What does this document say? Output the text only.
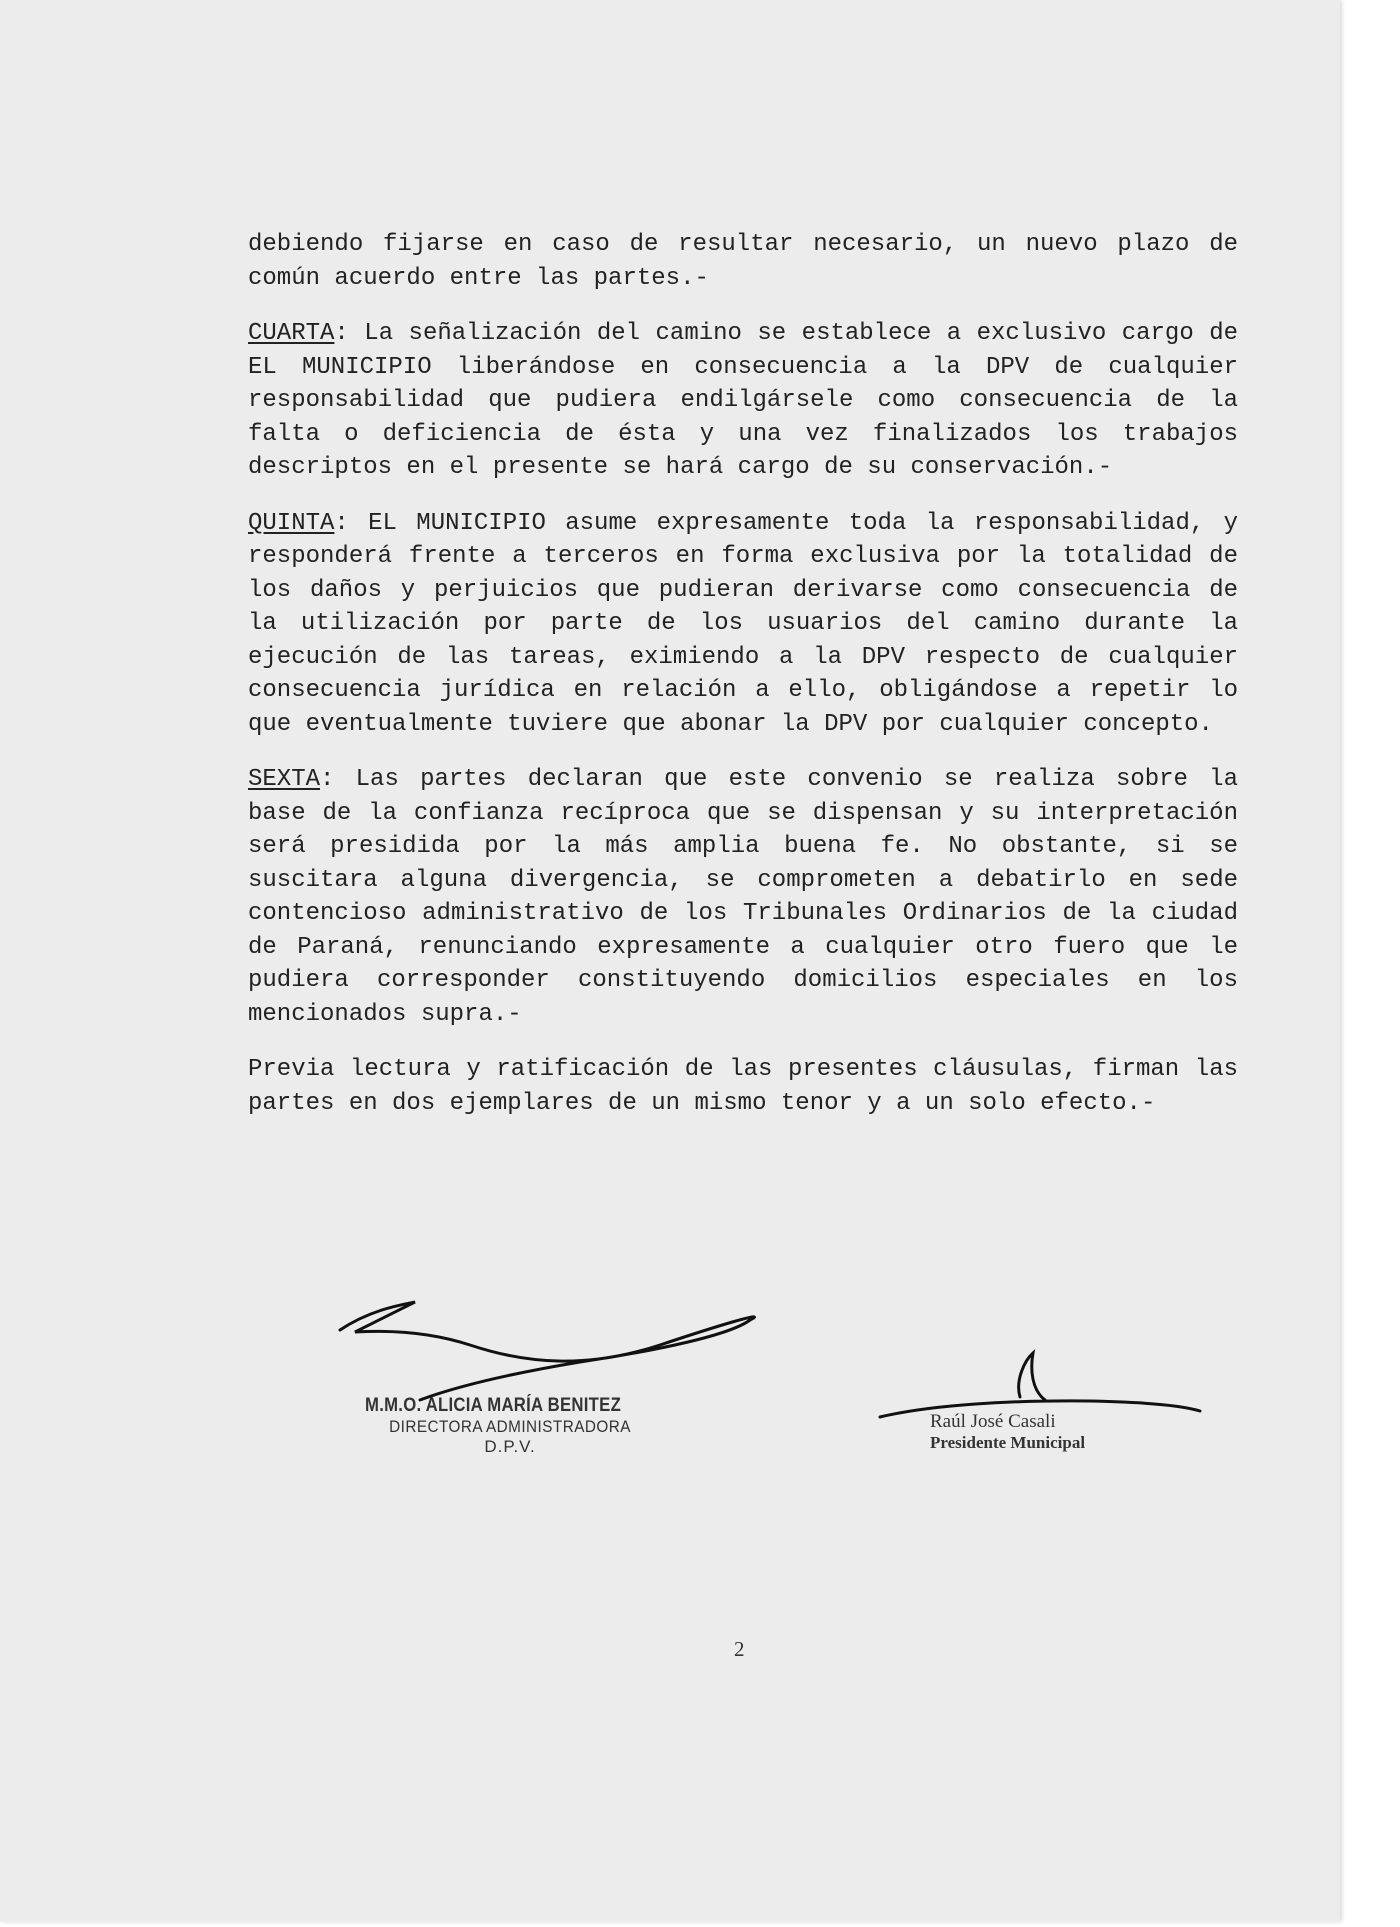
debiendo fijarse en caso de resultar necesario, un nuevo plazo de común acuerdo entre las partes.-

CUARTA: La señalización del camino se establece a exclusivo cargo de EL MUNICIPIO liberándose en consecuencia a la DPV de cualquier responsabilidad que pudiera endilgársele como consecuencia de la falta o deficiencia de ésta y una vez finalizados los trabajos descriptos en el presente se hará cargo de su conservación.-

QUINTA: EL MUNICIPIO asume expresamente toda la responsabilidad, y responderá frente a terceros en forma exclusiva por la totalidad de los daños y perjuicios que pudieran derivarse como consecuencia de la utilización por parte de los usuarios del camino durante la ejecución de las tareas, eximiendo a la DPV respecto de cualquier consecuencia jurídica en relación a ello, obligándose a repetir lo que eventualmente tuviere que abonar la DPV por cualquier concepto.

SEXTA: Las partes declaran que este convenio se realiza sobre la base de la confianza recíproca que se dispensan y su interpretación será presidida por la más amplia buena fe. No obstante, si se suscitara alguna divergencia, se comprometen a debatirlo en sede contencioso administrativo de los Tribunales Ordinarios de la ciudad de Paraná, renunciando expresamente a cualquier otro fuero que le pudiera corresponder constituyendo domicilios especiales en los mencionados supra.-

Previa lectura y ratificación de las presentes cláusulas, firman las partes en dos ejemplares de un mismo tenor y a un solo efecto.-

M.M.O. ALICIA MARÍA BENITEZ
DIRECTORA ADMINISTRADORA
D.P.V.
Raúl José Casali
Presidente Municipal
2
